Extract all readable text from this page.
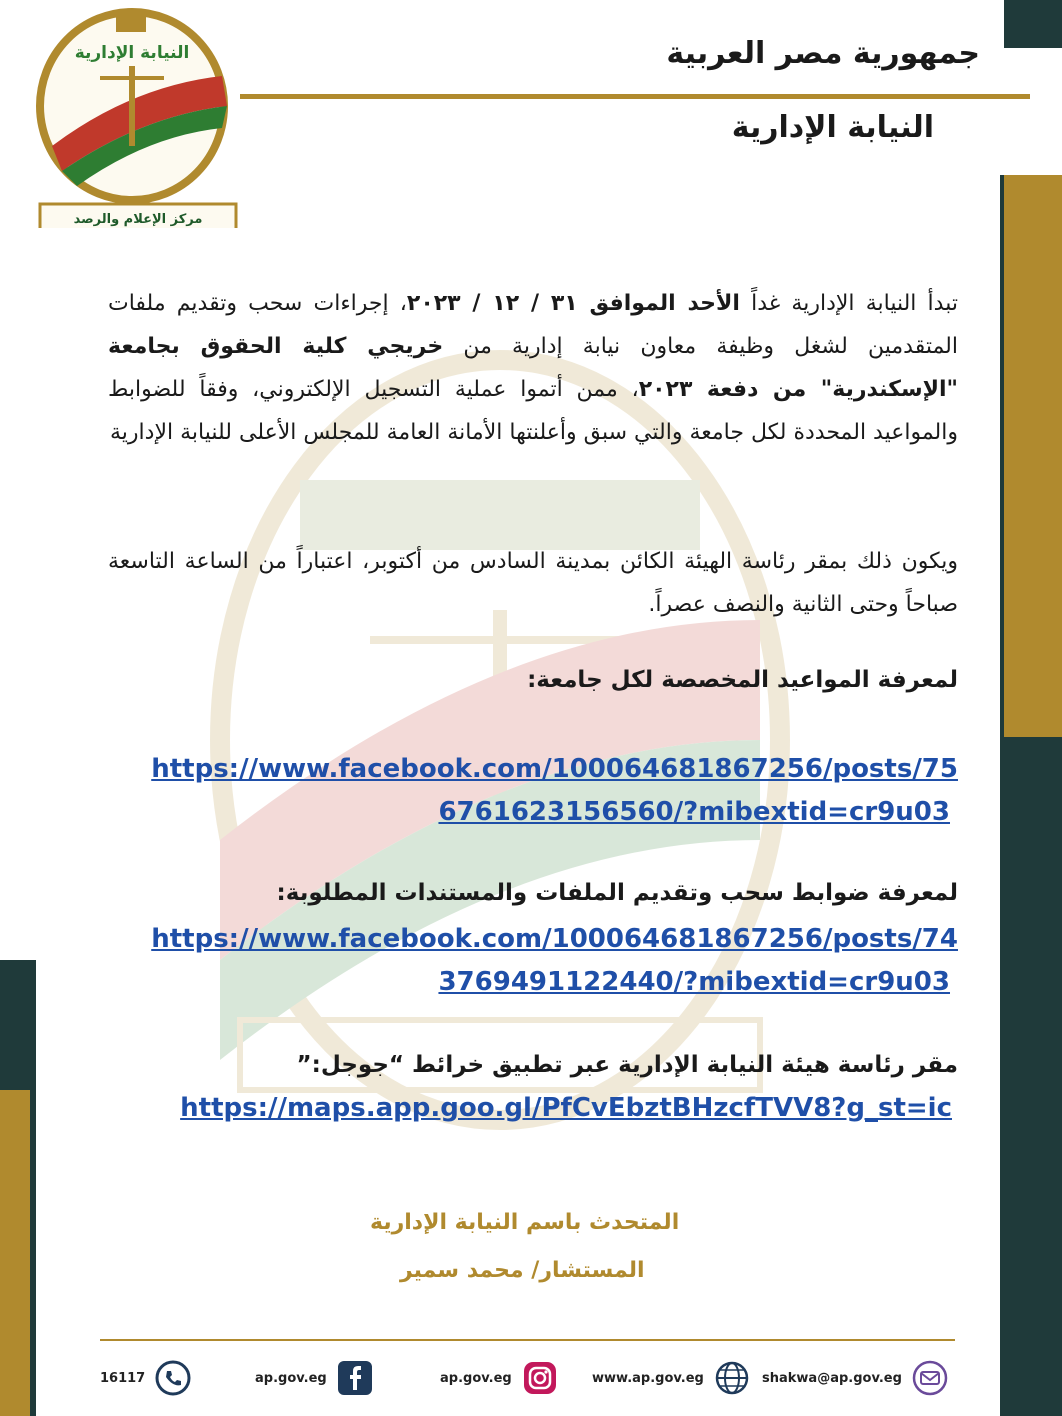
النيابة الإدارية
مركز الإعلام والرصد
جمهورية مصر العربية
النيابة الإدارية
تبدأ النيابة الإدارية غداً الأحد الموافق ٣١ / ١٢ / ٢٠٢٣، إجراءات سحب وتقديم ملفات المتقدمين لشغل وظيفة معاون نيابة إدارية من خريجي كلية الحقوق بجامعة "الإسكندرية" من دفعة ٢٠٢٣، ممن أتموا عملية التسجيل الإلكتروني، وفقاً للضوابط والمواعيد المحددة لكل جامعة والتي سبق وأعلنتها الأمانة العامة للمجلس الأعلى للنيابة الإدارية
ويكون ذلك بمقر رئاسة الهيئة الكائن بمدينة السادس من أكتوبر، اعتباراً من الساعة التاسعة صباحاً وحتى الثانية والنصف عصراً.
لمعرفة المواعيد المخصصة لكل جامعة:
https://www.facebook.com/100064681867256/posts/75
6761623156560/?mibextid=cr9u03
لمعرفة ضوابط سحب وتقديم الملفات والمستندات المطلوبة:
https://www.facebook.com/100064681867256/posts/74
3769491122440/?mibextid=cr9u03
مقر رئاسة هيئة النيابة الإدارية عبر تطبيق خرائط “جوجل:”
https://maps.app.goo.gl/PfCvEbztBHzcfTVV8?g_st=ic
المتحدث باسم النيابة الإدارية
المستشار/ محمد سمير
16117	ap.gov.eg	ap.gov.eg	www.ap.gov.eg	shakwa@ap.gov.eg
